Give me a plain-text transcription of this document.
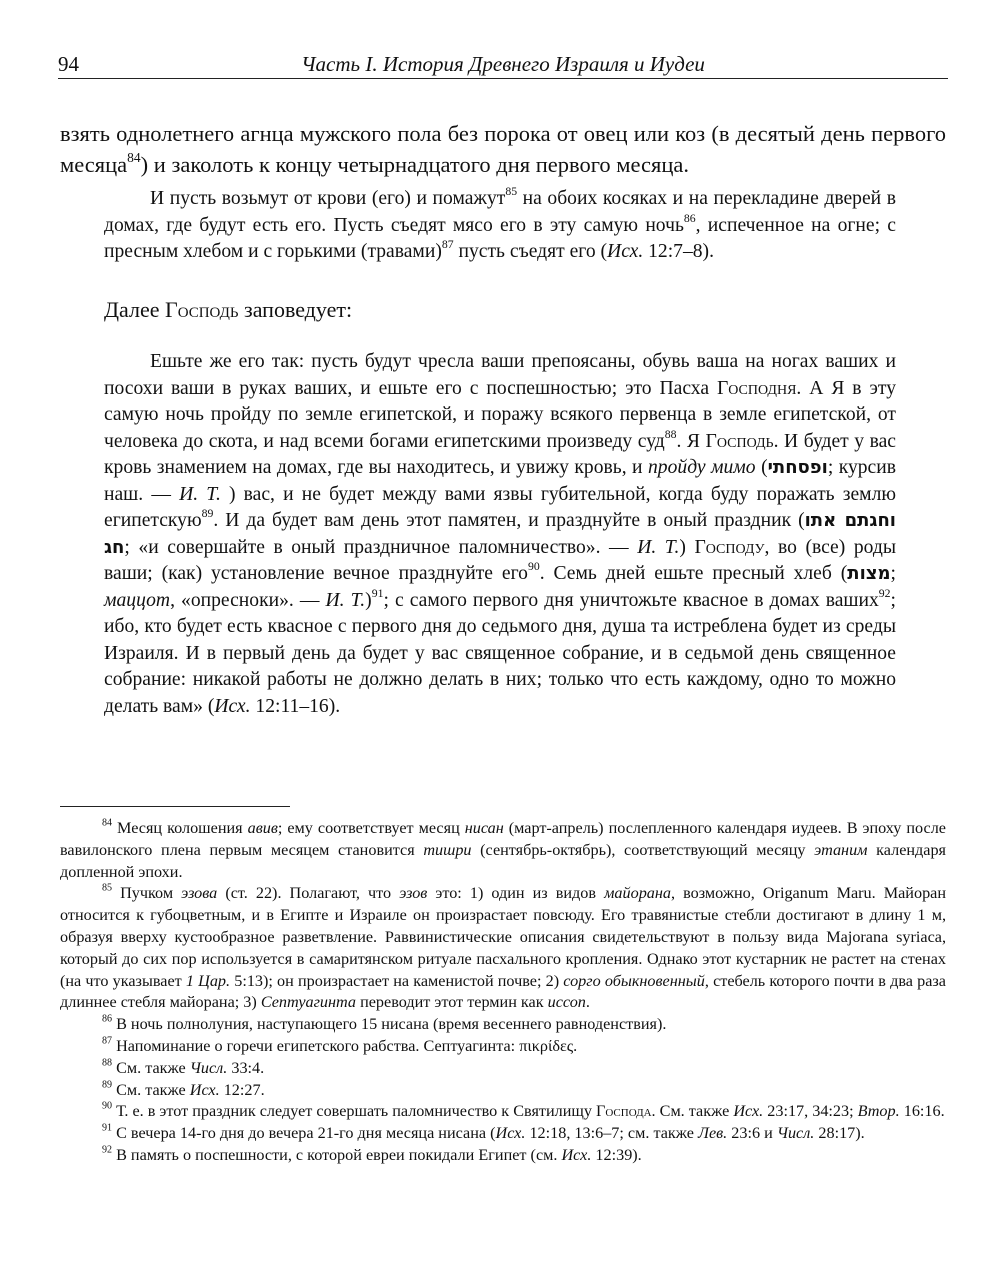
94	Часть I. История Древнего Израиля и Иудеи

взять однолетнего агнца мужского пола без порока от овец или коз (в десятый день первого месяца$^{84}$) и заколоть к концу четырнадцатого дня первого месяца.

И пусть возьмут от крови (его) и помажут$^{85}$ на обоих косяках и на перекладине дверей в домах, где будут есть его. Пусть съедят мясо его в эту самую ночь$^{86}$, испеченное на огне; с пресным хлебом и с горькими (травами)$^{87}$ пусть съедят его (Исх. 12:7–8).

Далее Господь заповедует:

Ешьте же его так: пусть будут чресла ваши препоясаны, обувь ваша на ногах ваших и посохи ваши в руках ваших, и ешьте его с поспешностью; это Пасха Господня. А Я в эту самую ночь пройду по земле египетской, и поражу всякого первенца в земле египетской, от человека до скота, и над всеми богами египетскими произведу суд$^{88}$. Я Господь. И будет у вас кровь знамением на домах, где вы находитесь, и увижу кровь, и пройду мимо (ופסחתי; курсив наш. — И. Т. ) вас, и не будет между вами язвы губительной, когда буду поражать землю египетскую$^{89}$. И да будет вам день этот памятен, и празднуйте в оный праздник (וחגתם אתו חג; «и совершайте в оный праздничное паломничество». — И. Т.) Господу, во (все) роды ваши; (как) установление вечное празднуйте его$^{90}$. Семь дней ешьте пресный хлеб (מצות; маццот, «опресноки». — И. Т.)$^{91}$; с самого первого дня уничтожьте квасное в домах ваших$^{92}$; ибо, кто будет есть квасное с первого дня до седьмого дня, душа та истреблена будет из среды Израиля. И в первый день да будет у вас священное собрание, и в седьмой день священное собрание: никакой работы не должно делать в них; только что есть каждому, одно то можно делать вам» (Исх. 12:11–16).

$^{84}$ Месяц колошения авив; ему соответствует месяц нисан (март-апрель) послепленного календаря иудеев. В эпоху после вавилонского плена первым месяцем становится тишри (сентябрь-октябрь), соответствующий месяцу этаним календаря допленной эпохи.

$^{85}$ Пучком эзова (ст. 22). Полагают, что эзов это: 1) один из видов майорана, возможно, Origanum Maru. Майоран относится к губоцветным, и в Египте и Израиле он произрастает повсюду. Его травянистые стебли достигают в длину 1 м, образуя вверху кустообразное разветвление. Раввинистические описания свидетельствуют в пользу вида Majorana syriaca, который до сих пор используется в самаритянском ритуале пасхального кропления. Однако этот кустарник не растет на стенах (на что указывает 1 Цар. 5:13); он произрастает на каменистой почве; 2) сорго обыкновенный, стебель которого почти в два раза длиннее стебля майорана; 3) Септуагинта переводит этот термин как иссоп.

$^{86}$ В ночь полнолуния, наступающего 15 нисана (время весеннего равноденствия).

$^{87}$ Напоминание о горечи египетского рабства. Септуагинта: πικρίδες.

$^{88}$ См. также Числ. 33:4.

$^{89}$ См. также Исх. 12:27.

$^{90}$ Т. е. в этот праздник следует совершать паломничество к Святилищу Господа. См. также Исх. 23:17, 34:23; Втор. 16:16.

$^{91}$ С вечера 14-го дня до вечера 21-го дня месяца нисана (Исх. 12:18, 13:6–7; см. также Лев. 23:6 и Числ. 28:17).

$^{92}$ В память о поспешности, с которой евреи покидали Египет (см. Исх. 12:39).
